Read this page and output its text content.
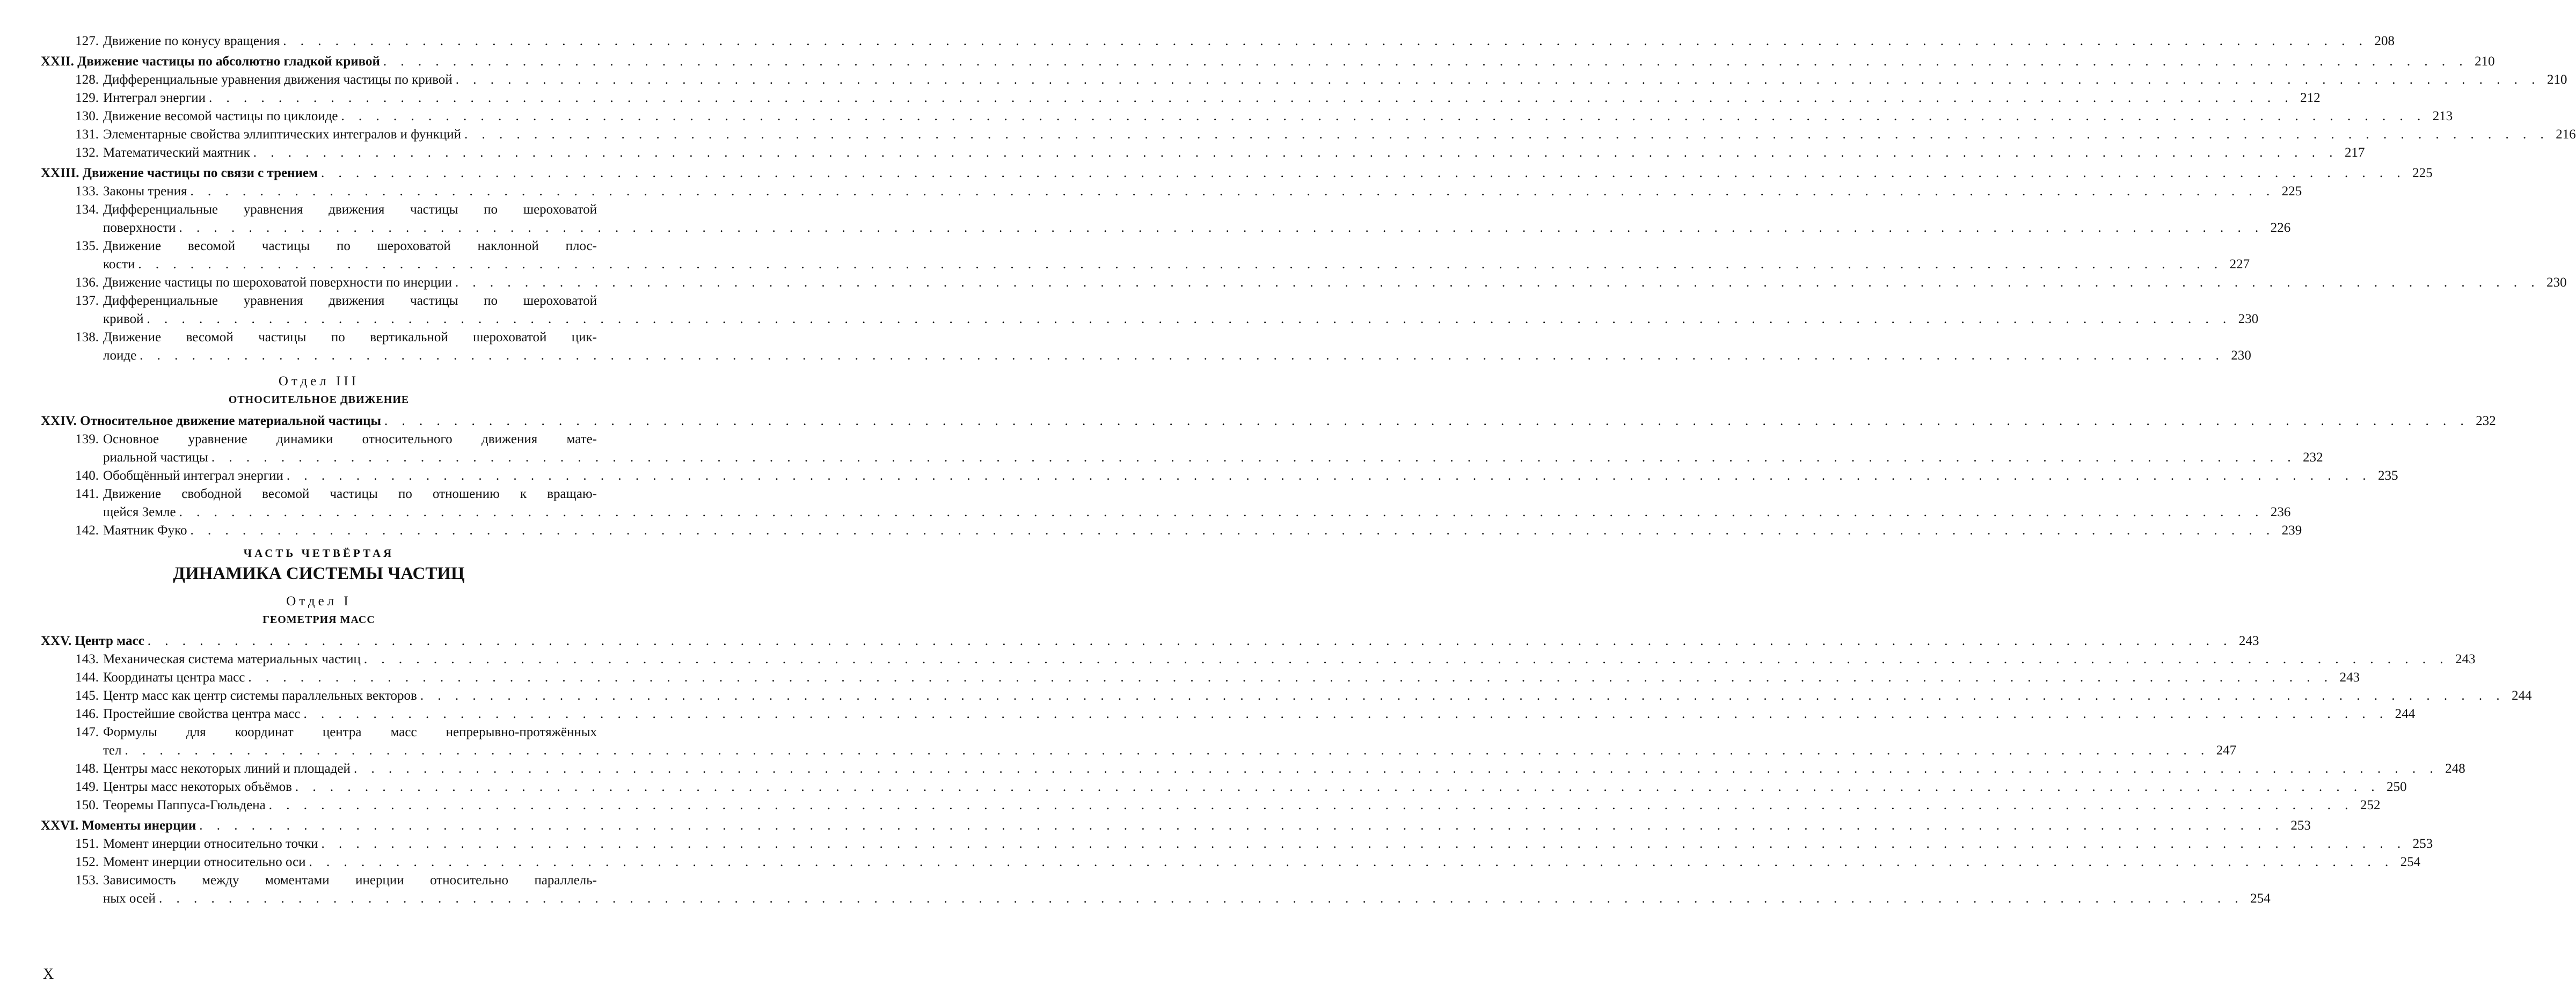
127. Движение по конусу вращения . . . . . . . . . . . . . . . . . . . . . . . . . . . . . . . . . . . . . . . . . . . . . . . . . . . . . . . . . . . . . . . . . . . . . . . . . . . . . . . . . . . . . . . . . . . . . . . . . . . . . . . . . . . . . . . . . . . . . . . . 208
XXII. Движение частицы по абсолютно гладкой кривой . . . . . . . . . . . . . . . . . . . . . . . . . . . . . . . . . . . . . . . . . . . . . . . . . . . . . . . . . . . . . . . . . . . . . . . . . . . . . . . . . . . . . . . . . . . . . . . . . . . . . . . . . . . . . . . . . . . . . . . . 210
128. Дифференциальные уравнения движения частицы по кривой . . . . . . . . . . . . . . . . . . . . . . . . . . . . . . . . . . . . . . . . . . . . . . . . . . . . . . . . . . . . . . . . . . . . . . . . . . . . . . . . . . . . . . . . . . . . . . . . . . . . . . . . . . . . . . . . . . . . . . . . 210
129. Интеграл энергии . . . . . . . . . . . . . . . . . . . . . . . . . . . . . . . . . . . . . . . . . . . . . . . . . . . . . . . . . . . . . . . . . . . . . . . . . . . . . . . . . . . . . . . . . . . . . . . . . . . . . . . . . . . . . . . . . . . . . . . . 212
130. Движение весомой частицы по циклоиде . . . . . . . . . . . . . . . . . . . . . . . . . . . . . . . . . . . . . . . . . . . . . . . . . . . . . . . . . . . . . . . . . . . . . . . . . . . . . . . . . . . . . . . . . . . . . . . . . . . . . . . . . . . . . . . . . . . . . . . . 213
131. Элементарные свойства эллиптических интегралов и функций . . . . . . . . . . . . . . . . . . . . . . . . . . . . . . . . . . . . . . . . . . . . . . . . . . . . . . . . . . . . . . . . . . . . . . . . . . . . . . . . . . . . . . . . . . . . . . . . . . . . . . . . . . . . . . . . . . . . . . . . 216
132. Математический маятник . . . . . . . . . . . . . . . . . . . . . . . . . . . . . . . . . . . . . . . . . . . . . . . . . . . . . . . . . . . . . . . . . . . . . . . . . . . . . . . . . . . . . . . . . . . . . . . . . . . . . . . . . . . . . . . . . . . . . . . . 217
XXIII. Движение частицы по связи с трением . . . . . . . . . . . . . . . . . . . . . . . . . . . . . . . . . . . . . . . . . . . . . . . . . . . . . . . . . . . . . . . . . . . . . . . . . . . . . . . . . . . . . . . . . . . . . . . . . . . . . . . . . . . . . . . . . . . . . . . . 225
133. Законы трения . . . . . . . . . . . . . . . . . . . . . . . . . . . . . . . . . . . . . . . . . . . . . . . . . . . . . . . . . . . . . . . . . . . . . . . . . . . . . . . . . . . . . . . . . . . . . . . . . . . . . . . . . . . . . . . . . . . . . . . . 225
134. Дифференциальные уравнения движения частицы по шероховатой
поверхности . . . . . . . . . . . . . . . . . . . . . . . . . . . . . . . . . . . . . . . . . . . . . . . . . . . . . . . . . . . . . . . . . . . . . . . . . . . . . . . . . . . . . . . . . . . . . . . . . . . . . . . . . . . . . . . . . . . . . . . . 226
135. Движение весомой частицы по шероховатой наклонной плос-
кости . . . . . . . . . . . . . . . . . . . . . . . . . . . . . . . . . . . . . . . . . . . . . . . . . . . . . . . . . . . . . . . . . . . . . . . . . . . . . . . . . . . . . . . . . . . . . . . . . . . . . . . . . . . . . . . . . . . . . . . . 227
136. Движение частицы по шероховатой поверхности по инерции . . . . . . . . . . . . . . . . . . . . . . . . . . . . . . . . . . . . . . . . . . . . . . . . . . . . . . . . . . . . . . . . . . . . . . . . . . . . . . . . . . . . . . . . . . . . . . . . . . . . . . . . . . . . . . . . . . . . . . . . 230
137. Дифференциальные уравнения движения частицы по шероховатой
кривой . . . . . . . . . . . . . . . . . . . . . . . . . . . . . . . . . . . . . . . . . . . . . . . . . . . . . . . . . . . . . . . . . . . . . . . . . . . . . . . . . . . . . . . . . . . . . . . . . . . . . . . . . . . . . . . . . . . . . . . . 230
138. Движение весомой частицы по вертикальной шероховатой цик-
лоиде . . . . . . . . . . . . . . . . . . . . . . . . . . . . . . . . . . . . . . . . . . . . . . . . . . . . . . . . . . . . . . . . . . . . . . . . . . . . . . . . . . . . . . . . . . . . . . . . . . . . . . . . . . . . . . . . . . . . . . . . 230
Отдел III
ОТНОСИТЕЛЬНОЕ ДВИЖЕНИЕ
XXIV. Относительное движение материальной частицы . . . . . . . . . . . . . . . . . . . . . . . . . . . . . . . . . . . . . . . . . . . . . . . . . . . . . . . . . . . . . . . . . . . . . . . . . . . . . . . . . . . . . . . . . . . . . . . . . . . . . . . . . . . . . . . . . . . . . . . . 232
139. Основное уравнение динамики относительного движения мате-
риальной частицы . . . . . . . . . . . . . . . . . . . . . . . . . . . . . . . . . . . . . . . . . . . . . . . . . . . . . . . . . . . . . . . . . . . . . . . . . . . . . . . . . . . . . . . . . . . . . . . . . . . . . . . . . . . . . . . . . . . . . . . . 232
140. Обобщённый интеграл энергии . . . . . . . . . . . . . . . . . . . . . . . . . . . . . . . . . . . . . . . . . . . . . . . . . . . . . . . . . . . . . . . . . . . . . . . . . . . . . . . . . . . . . . . . . . . . . . . . . . . . . . . . . . . . . . . . . . . . . . . . 235
141. Движение свободной весомой частицы по отношению к вращаю-
щейся Земле . . . . . . . . . . . . . . . . . . . . . . . . . . . . . . . . . . . . . . . . . . . . . . . . . . . . . . . . . . . . . . . . . . . . . . . . . . . . . . . . . . . . . . . . . . . . . . . . . . . . . . . . . . . . . . . . . . . . . . . . 236
142. Маятник Фуко . . . . . . . . . . . . . . . . . . . . . . . . . . . . . . . . . . . . . . . . . . . . . . . . . . . . . . . . . . . . . . . . . . . . . . . . . . . . . . . . . . . . . . . . . . . . . . . . . . . . . . . . . . . . . . . . . . . . . . . . 239
ЧАСТЬ ЧЕТВЁРТАЯ
ДИНАМИКА СИСТЕМЫ ЧАСТИЦ
Отдел I
ГЕОМЕТРИЯ МАСС
XXV. Центр масс . . . . . . . . . . . . . . . . . . . . . . . . . . . . . . . . . . . . . . . . . . . . . . . . . . . . . . . . . . . . . . . . . . . . . . . . . . . . . . . . . . . . . . . . . . . . . . . . . . . . . . . . . . . . . . . . . . . . . . . . 243
143. Механическая система материальных частиц . . . . . . . . . . . . . . . . . . . . . . . . . . . . . . . . . . . . . . . . . . . . . . . . . . . . . . . . . . . . . . . . . . . . . . . . . . . . . . . . . . . . . . . . . . . . . . . . . . . . . . . . . . . . . . . . . . . . . . . . 243
144. Координаты центра масс . . . . . . . . . . . . . . . . . . . . . . . . . . . . . . . . . . . . . . . . . . . . . . . . . . . . . . . . . . . . . . . . . . . . . . . . . . . . . . . . . . . . . . . . . . . . . . . . . . . . . . . . . . . . . . . . . . . . . . . . 243
145. Центр масс как центр системы параллельных векторов . . . . . . . . . . . . . . . . . . . . . . . . . . . . . . . . . . . . . . . . . . . . . . . . . . . . . . . . . . . . . . . . . . . . . . . . . . . . . . . . . . . . . . . . . . . . . . . . . . . . . . . . . . . . . . . . . . . . . . . . 244
146. Простейшие свойства центра масс . . . . . . . . . . . . . . . . . . . . . . . . . . . . . . . . . . . . . . . . . . . . . . . . . . . . . . . . . . . . . . . . . . . . . . . . . . . . . . . . . . . . . . . . . . . . . . . . . . . . . . . . . . . . . . . . . . . . . . . . 244
147. Формулы для координат центра масс непрерывно-протяжённых
тел . . . . . . . . . . . . . . . . . . . . . . . . . . . . . . . . . . . . . . . . . . . . . . . . . . . . . . . . . . . . . . . . . . . . . . . . . . . . . . . . . . . . . . . . . . . . . . . . . . . . . . . . . . . . . . . . . . . . . . . . 247
148. Центры масс некоторых линий и площадей . . . . . . . . . . . . . . . . . . . . . . . . . . . . . . . . . . . . . . . . . . . . . . . . . . . . . . . . . . . . . . . . . . . . . . . . . . . . . . . . . . . . . . . . . . . . . . . . . . . . . . . . . . . . . . . . . . . . . . . . 248
149. Центры масс некоторых объёмов . . . . . . . . . . . . . . . . . . . . . . . . . . . . . . . . . . . . . . . . . . . . . . . . . . . . . . . . . . . . . . . . . . . . . . . . . . . . . . . . . . . . . . . . . . . . . . . . . . . . . . . . . . . . . . . . . . . . . . . . 250
150. Теоремы Паппуса-Гюльдена . . . . . . . . . . . . . . . . . . . . . . . . . . . . . . . . . . . . . . . . . . . . . . . . . . . . . . . . . . . . . . . . . . . . . . . . . . . . . . . . . . . . . . . . . . . . . . . . . . . . . . . . . . . . . . . . . . . . . . . . 252
XXVI. Моменты инерции . . . . . . . . . . . . . . . . . . . . . . . . . . . . . . . . . . . . . . . . . . . . . . . . . . . . . . . . . . . . . . . . . . . . . . . . . . . . . . . . . . . . . . . . . . . . . . . . . . . . . . . . . . . . . . . . . . . . . . . . 253
151. Момент инерции относительно точки . . . . . . . . . . . . . . . . . . . . . . . . . . . . . . . . . . . . . . . . . . . . . . . . . . . . . . . . . . . . . . . . . . . . . . . . . . . . . . . . . . . . . . . . . . . . . . . . . . . . . . . . . . . . . . . . . . . . . . . . 253
152. Момент инерции относительно оси . . . . . . . . . . . . . . . . . . . . . . . . . . . . . . . . . . . . . . . . . . . . . . . . . . . . . . . . . . . . . . . . . . . . . . . . . . . . . . . . . . . . . . . . . . . . . . . . . . . . . . . . . . . . . . . . . . . . . . . . 254
153. Зависимость между моментами инерции относительно параллель-
ных осей . . . . . . . . . . . . . . . . . . . . . . . . . . . . . . . . . . . . . . . . . . . . . . . . . . . . . . . . . . . . . . . . . . . . . . . . . . . . . . . . . . . . . . . . . . . . . . . . . . . . . . . . . . . . . . . . . . . . . . . . 254
X
